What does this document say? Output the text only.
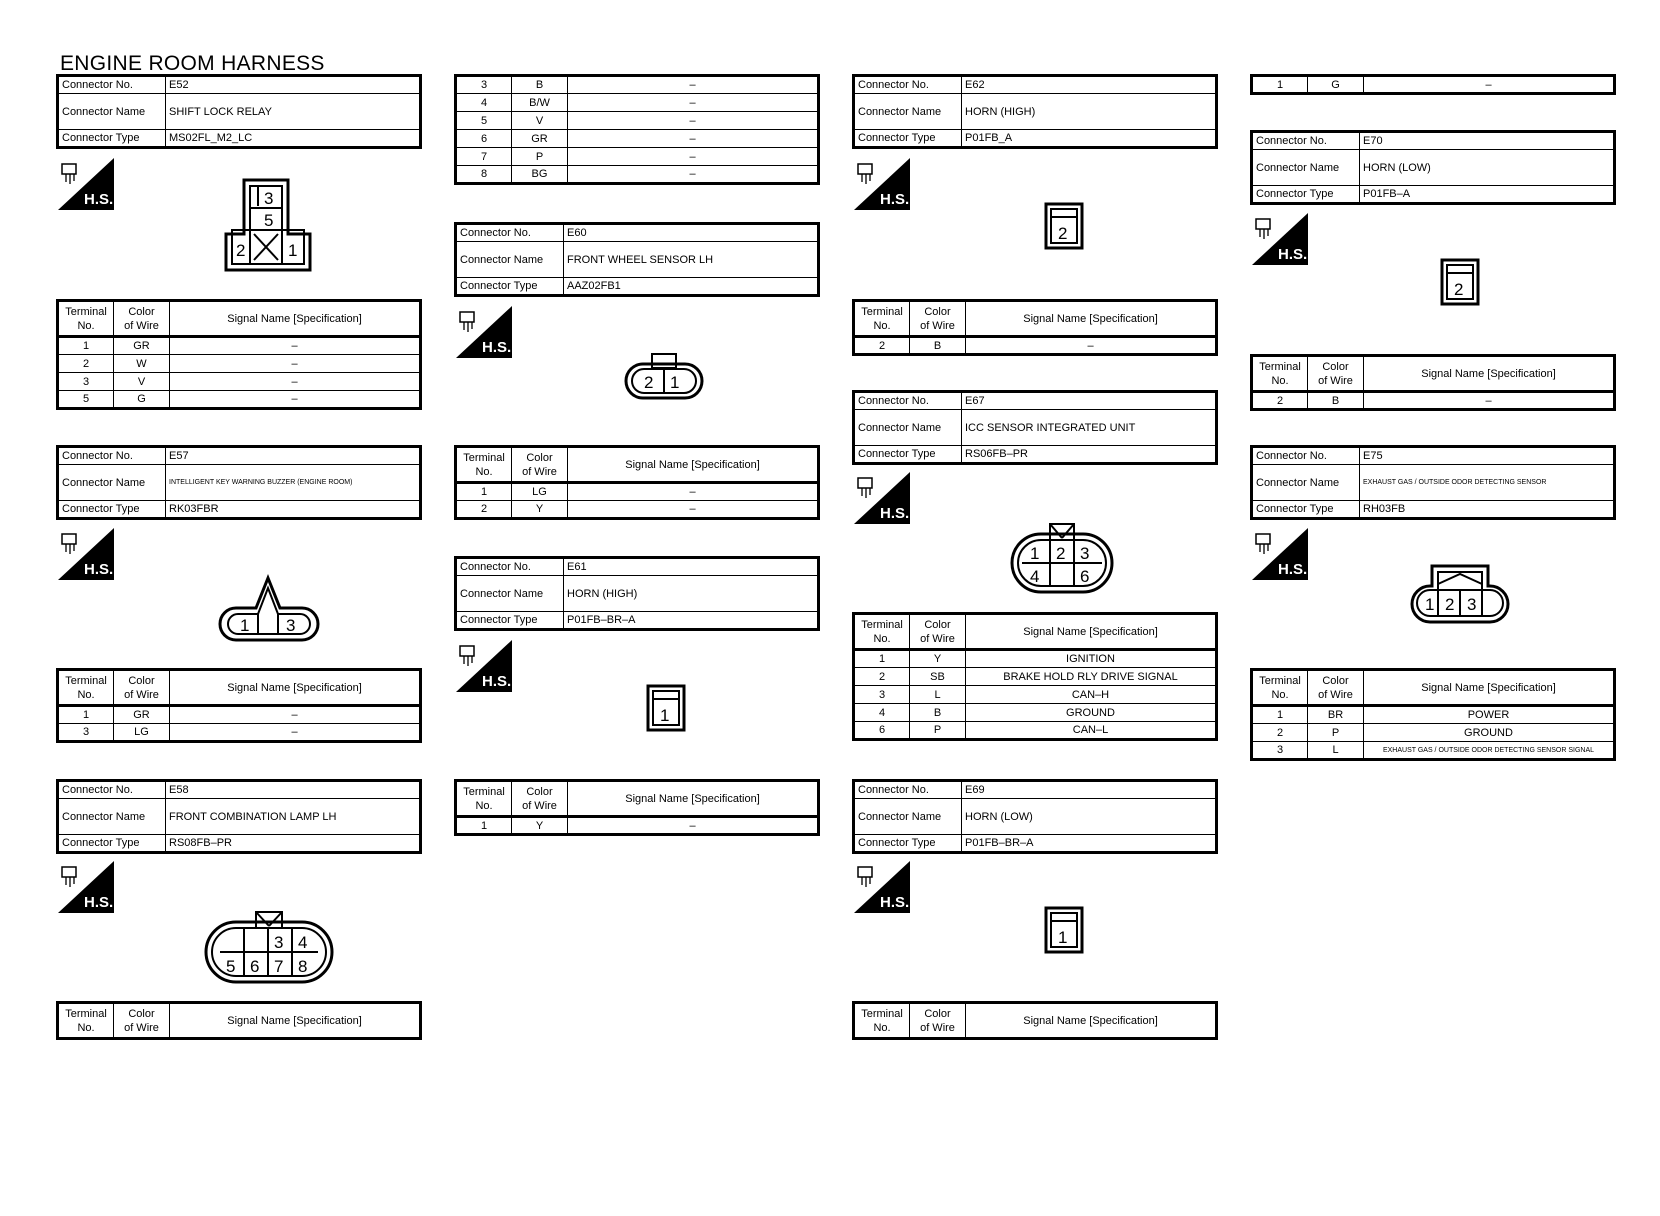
ENGINE ROOM HARNESS
Connector No.	E52
Connector Name	SHIFT LOCK RELAY
Connector Type	MS02FL_M2_LC
H.S.	3
5
2	1
Terminal
No.	Color
of Wire	Signal Name [Specification]
1	GR	–
2	W	–
3	V	–
5	G	–
Connector No.	E57
Connector Name	INTELLIGENT KEY WARNING BUZZER (ENGINE ROOM)
Connector Type	RK03FBR
H.S.
1 3
Terminal
No.	Color
of Wire	Signal Name [Specification]
1	GR	–
3	LG	–
Connector No.	E58
Connector Name	FRONT COMBINATION LAMP LH
Connector Type	RS08FB–PR
H.S.
3 4
5 6 7 8
Terminal
No.	Color
of Wire	Signal Name [Specification]
3	B	–
4	B/W	–
5	V	–
6	GR	–
7	P	–
8	BG	–
Connector No.	E60
Connector Name	FRONT WHEEL SENSOR LH
Connector Type	AAZ02FB1
H.S.
2 1
Terminal
No.	Color
of Wire	Signal Name [Specification]
1	LG	–
2	Y	–
Connector No.	E61
Connector Name	HORN (HIGH)
Connector Type	P01FB–BR–A
H.S.
1
Terminal
No.	Color
of Wire	Signal Name [Specification]
1	Y	–
Connector No.	E62
Connector Name	HORN (HIGH)
Connector Type	P01FB_A
H.S.
2
Terminal
No.	Color
of Wire	Signal Name [Specification]
2	B	–
Connector No.	E67
Connector Name	ICC SENSOR INTEGRATED UNIT
Connector Type	RS06FB–PR
H.S.
1 2 3
4 6
Terminal
No.	Color
of Wire	Signal Name [Specification]
1	Y	IGNITION
2	SB	BRAKE HOLD RLY DRIVE SIGNAL
3	L	CAN–H
4	B	GROUND
6	P	CAN–L
Connector No.	E69
Connector Name	HORN (LOW)
Connector Type	P01FB–BR–A
H.S.
1
Terminal
No.	Color
of Wire	Signal Name [Specification]
1	G	–
Connector No.	E70
Connector Name	HORN (LOW)
Connector Type	P01FB–A
H.S.
2
Terminal
No.	Color
of Wire	Signal Name [Specification]
2	B	–
Connector No.	E75
Connector Name	EXHAUST GAS / OUTSIDE ODOR DETECTING SENSOR
Connector Type	RH03FB
H.S.
1 2 3
Terminal
No.	Color
of Wire	Signal Name [Specification]
1	BR	POWER
2	P	GROUND
3	L	EXHAUST GAS / OUTSIDE ODOR DETECTING SENSOR SIGNAL
